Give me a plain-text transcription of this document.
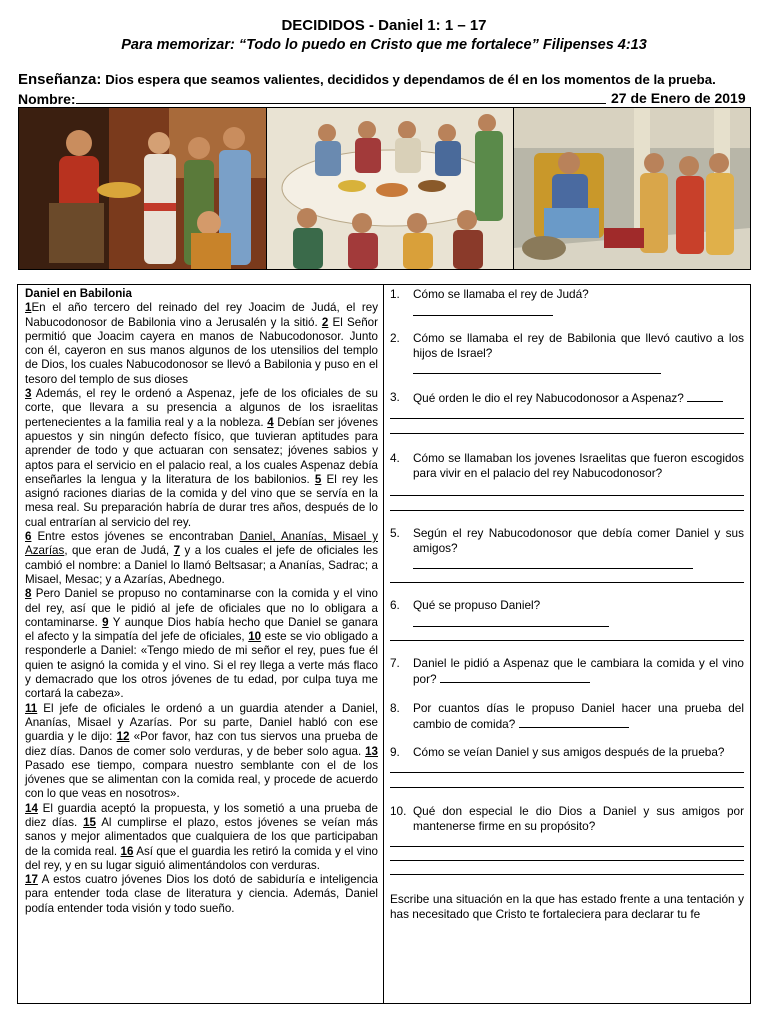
DECIDIDOS - Daniel 1: 1 – 17
Para memorizar: “Todo lo puedo en Cristo que me fortalece” Filipenses 4:13
Enseñanza: Dios espera que seamos valientes, decididos y dependamos de él en los momentos de la prueba.
Nombre:	27 de Enero de 2019
Daniel en Babilonia
1En el año tercero del reinado del rey Joacim de Judá, el rey Nabucodonosor de Babilonia vino a Jerusalén y la sitió. 2 El Señor permitió que Joacim cayera en manos de Nabucodonosor. Junto con él, cayeron en sus manos algunos de los utensilios del templo de Dios, los cuales Nabucodonosor se llevó a Babilonia y puso en el tesoro del templo de sus dioses
3 Además, el rey le ordenó a Aspenaz, jefe de los oficiales de su corte, que llevara a su presencia a algunos de los israelitas pertenecientes a la familia real y a la nobleza. 4 Debían ser jóvenes apuestos y sin ningún defecto físico, que tuvieran aptitudes para aprender de todo y que actuaran con sensatez; jóvenes sabios y aptos para el servicio en el palacio real, a los cuales Aspenaz debía enseñarles la lengua y la literatura de los babilonios. 5 El rey les asignó raciones diarias de la comida y del vino que se servía en la mesa real. Su preparación habría de durar tres años, después de lo cual entrarían al servicio del rey.
6 Entre estos jóvenes se encontraban Daniel, Ananías, Misael y Azarías, que eran de Judá, 7 y a los cuales el jefe de oficiales les cambió el nombre: a Daniel lo llamó Beltsasar; a Ananías, Sadrac; a Misael, Mesac; y a Azarías, Abednego.
8 Pero Daniel se propuso no contaminarse con la comida y el vino del rey, así que le pidió al jefe de oficiales que no lo obligara a contaminarse. 9 Y aunque Dios había hecho que Daniel se ganara el afecto y la simpatía del jefe de oficiales, 10 este se vio obligado a responderle a Daniel: «Tengo miedo de mi señor el rey, pues fue él quien te asignó la comida y el vino. Si el rey llega a verte más flaco y demacrado que los otros jóvenes de tu edad, por culpa tuya me cortará la cabeza».
11 El jefe de oficiales le ordenó a un guardia atender a Daniel, Ananías, Misael y Azarías. Por su parte, Daniel habló con ese guardia y le dijo: 12 «Por favor, haz con tus siervos una prueba de diez días. Danos de comer solo verduras, y de beber solo agua. 13 Pasado ese tiempo, compara nuestro semblante con el de los jóvenes que se alimentan con la comida real, y procede de acuerdo con lo que veas en nosotros».
14 El guardia aceptó la propuesta, y los sometió a una prueba de diez días. 15 Al cumplirse el plazo, estos jóvenes se veían más sanos y mejor alimentados que cualquiera de los que participaban de la comida real. 16 Así que el guardia les retiró la comida y el vino del rey, y en su lugar siguió alimentándolos con verduras.
17 A estos cuatro jóvenes Dios los dotó de sabiduría e inteligencia para entender toda clase de literatura y ciencia. Además, Daniel podía entender toda visión y todo sueño.
1. Cómo se llamaba el rey de Judá?
2. Cómo se llamaba el rey de Babilonia que llevó cautivo a los hijos de Israel?
3. Qué orden le dio el rey Nabucodonosor a Aspenaz?
4. Cómo se llamaban los jovenes Israelitas que fueron escogidos para vivir en el palacio del rey Nabucodonosor?
5. Según el rey Nabucodonosor que debía comer Daniel y sus amigos?
6. Qué se propuso Daniel?
7. Daniel le pidió a Aspenaz que le cambiara la comida y el vino por?
8. Por cuantos días le propuso Daniel hacer una prueba del cambio de comida?
9. Cómo se veían Daniel y sus amigos después de la prueba?
10. Qué don especial le dio Dios a Daniel y sus amigos por mantenerse firme en su propósito?
Escribe una situación en la que has estado frente a una tentación y has necesitado que Cristo te fortaleciera para declarar tu fe
